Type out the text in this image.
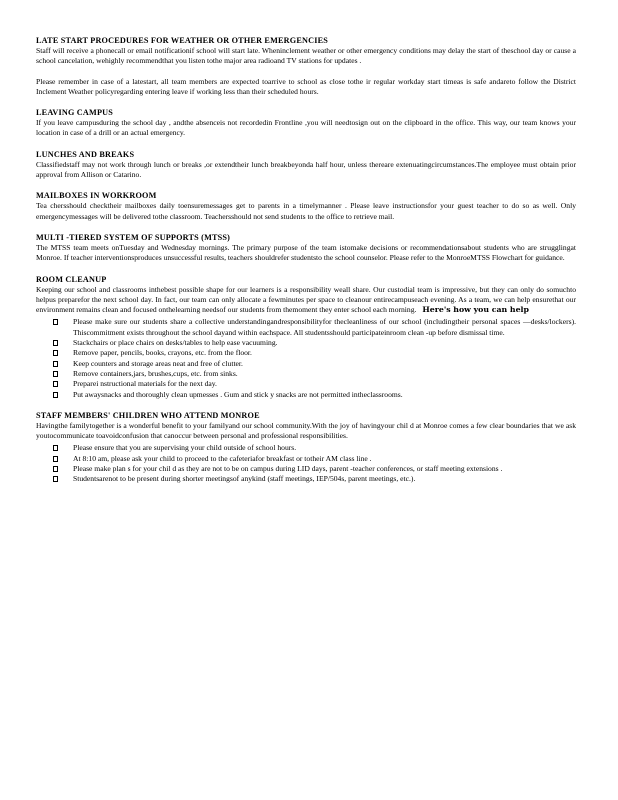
LATE START PROCEDURES FOR WEATHER OR OTHER EMERGENCIES

Staff will receive a phonecall or email notificationif school will start late. Wheninclement weather or other emergency conditions may delay the start of theschool day or cause a school cancelation, wehighly recommendthat you listen tothe major area radioand TV stations for updates .

Please remember in case of a latestart, all team members are expected toarrive to school as close tothe ir regular workday start timeas is safe andareto follow the District Inclement Weather policyregarding entering leave if working less than their scheduled hours.

LEAVING CAMPUS

If you leave campusduring the school day , andthe absenceis not recordedin Frontline ,you will needtosign out on the clipboard in the office. This way, our team knows your location in case of a drill or an actual emergency.

LUNCHES AND BREAKS

Classifiedstaff may not work through lunch or breaks ,or extendtheir lunch breakbeyonda half hour, unless thereare extenuatingcircumstances.The employee must obtain prior approval from Allison or Catarino.

MAILBOXES IN WORKROOM

Tea chersshould checktheir mailboxes daily toensuremessages get to parents in a timelymanner . Please leave instructionsfor your guest teacher to do so as well. Only emergencymessages will be delivered tothe classroom. Teachersshould not send students to the office to retrieve mail.

MULTI -TIERED SYSTEM OF SUPPORTS (MTSS)

The MTSS team meets onTuesday and Wednesday mornings. The primary purpose of the team istomake decisions or recommendationsabout students who are strugglingat Monroe. If teacher interventionsproduces unsuccessful results, teachers shouldrefer studentsto the school counselor. Please refer to the MonroeMTSS Flowchart for guidance.

ROOM CLEANUP

Keeping our school and classrooms inthebest possible shape for our learners is a responsibility weall share. Our custodial team is impressive, but they can only do somuchto helpus preparefor the next school day. In fact, our team can only allocate a fewminutes per space to cleanour entirecampuseach evening. As a team, we can help ensurethat our environment remains clean and focused onthelearning needsof our students from themoment they enter school each morning. Here's how you can help

Please make sure our students share a collective understandingandresponsibilityfor thecleanliness of our school (includingtheir personal spaces —desks/lockers). Thiscommitment exists throughout the school dayand within eachspace. All studentsshould participateinroom clean -up before dismissal time.
Stackchairs or place chairs on desks/tables to help ease vacuuming.
Remove paper, pencils, books, crayons, etc. from the floor.
Keep counters and storage areas neat and free of clutter.
Remove containers,jars, brushes,cups, etc. from sinks.
Preparei nstructional materials for the next day.
Put awaysnacks and thoroughly clean upmesses . Gum and stick y snacks are not permitted intheclassrooms.
STAFF MEMBERS' CHILDREN WHO ATTEND MONROE

Havingthe familytogether is a wonderful benefit to your familyand our school community.With the joy of havingyour chil d at Monroe comes a few clear boundaries that we ask youtocommunicate toavoidconfusion that canoccur between personal and professional responsibilities.

Please ensure that you are supervising your child outside of school hours.
At 8:10 am, please ask your child to proceed to the cafeteriafor breakfast or totheir AM class line .
Please make plan s for your chil d as they are not to be on campus during LID days, parent -teacher conferences, or staff meeting extensions .
Studentsarenot to be present during shorter meetingsof anykind (staff meetings, IEP/504s, parent meetings, etc.).
